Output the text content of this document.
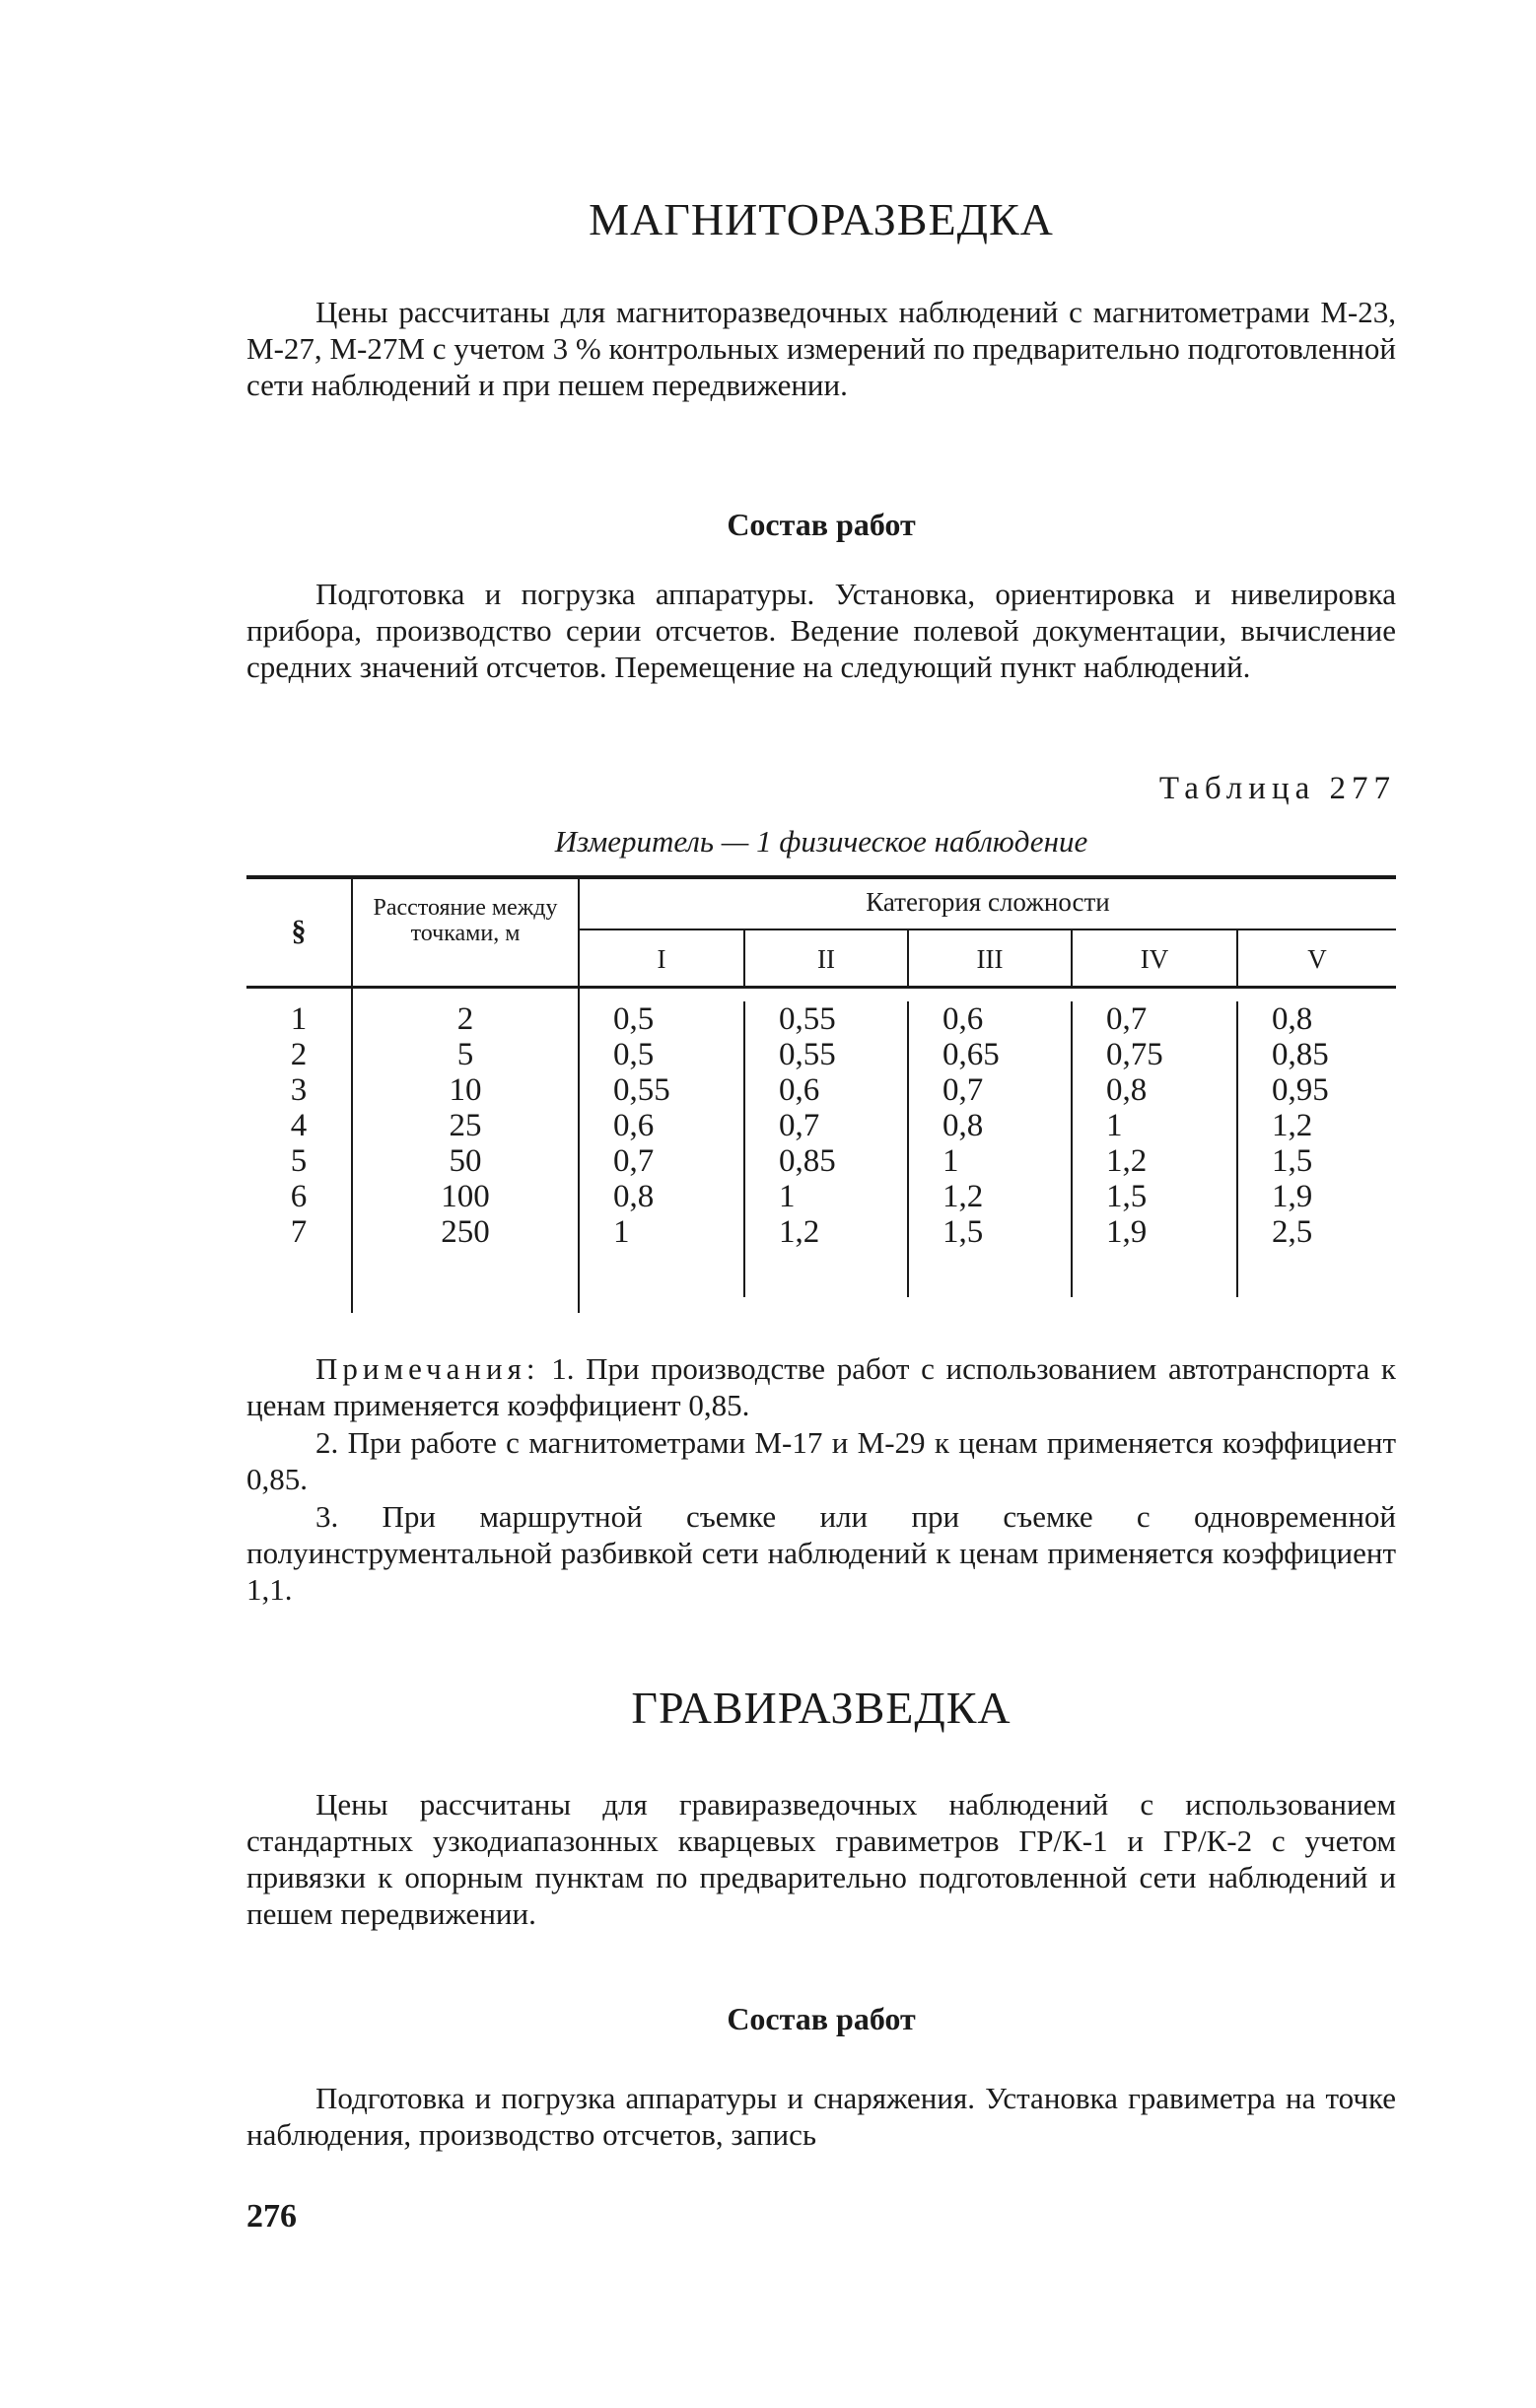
МАГНИТОРАЗВЕДКА

Цены рассчитаны для магниторазведочных наблюдений с магнитометрами М-23, М-27, М-27М с учетом 3 % контрольных измерений по предварительно подготовленной сети наблюдений и при пешем передвижении.

Состав работ

Подготовка и погрузка аппаратуры. Установка, ориентировка и нивелировка прибора, производство серии отсчетов. Ведение полевой документации, вычисление средних значений отсчетов. Перемещение на следующий пункт наблюдений.

Таблица 277
Измеритель — 1 физическое наблюдение
§
Расстояние между точками, м
Категория сложности
I	II	III	IV	V
1	2	0,5	0,55	0,6	0,7	0,8
2	5	0,5	0,55	0,65	0,75	0,85
3	10	0,55	0,6	0,7	0,8	0,95
4	25	0,6	0,7	0,8	1	1,2
5	50	0,7	0,85	1	1,2	1,5
6	100	0,8	1	1,2	1,5	1,9
7	250	1	1,2	1,5	1,9	2,5
Примечания: 1. При производстве работ с использованием автотранспорта к ценам применяется коэффициент 0,85.
2. При работе с магнитометрами М-17 и М-29 к ценам применяется коэффициент 0,85.
3. При маршрутной съемке или при съемке с одновременной полуинструментальной разбивкой сети наблюдений к ценам применяется коэффициент 1,1.
ГРАВИРАЗВЕДКА

Цены рассчитаны для гравиразведочных наблюдений с использованием стандартных узкодиапазонных кварцевых гравиметров ГР/К-1 и ГР/К-2 с учетом привязки к опорным пунктам по предварительно подготовленной сети наблюдений и пешем передвижении.

Состав работ

Подготовка и погрузка аппаратуры и снаряжения. Установка гравиметра на точке наблюдения, производство отсчетов, запись

276
